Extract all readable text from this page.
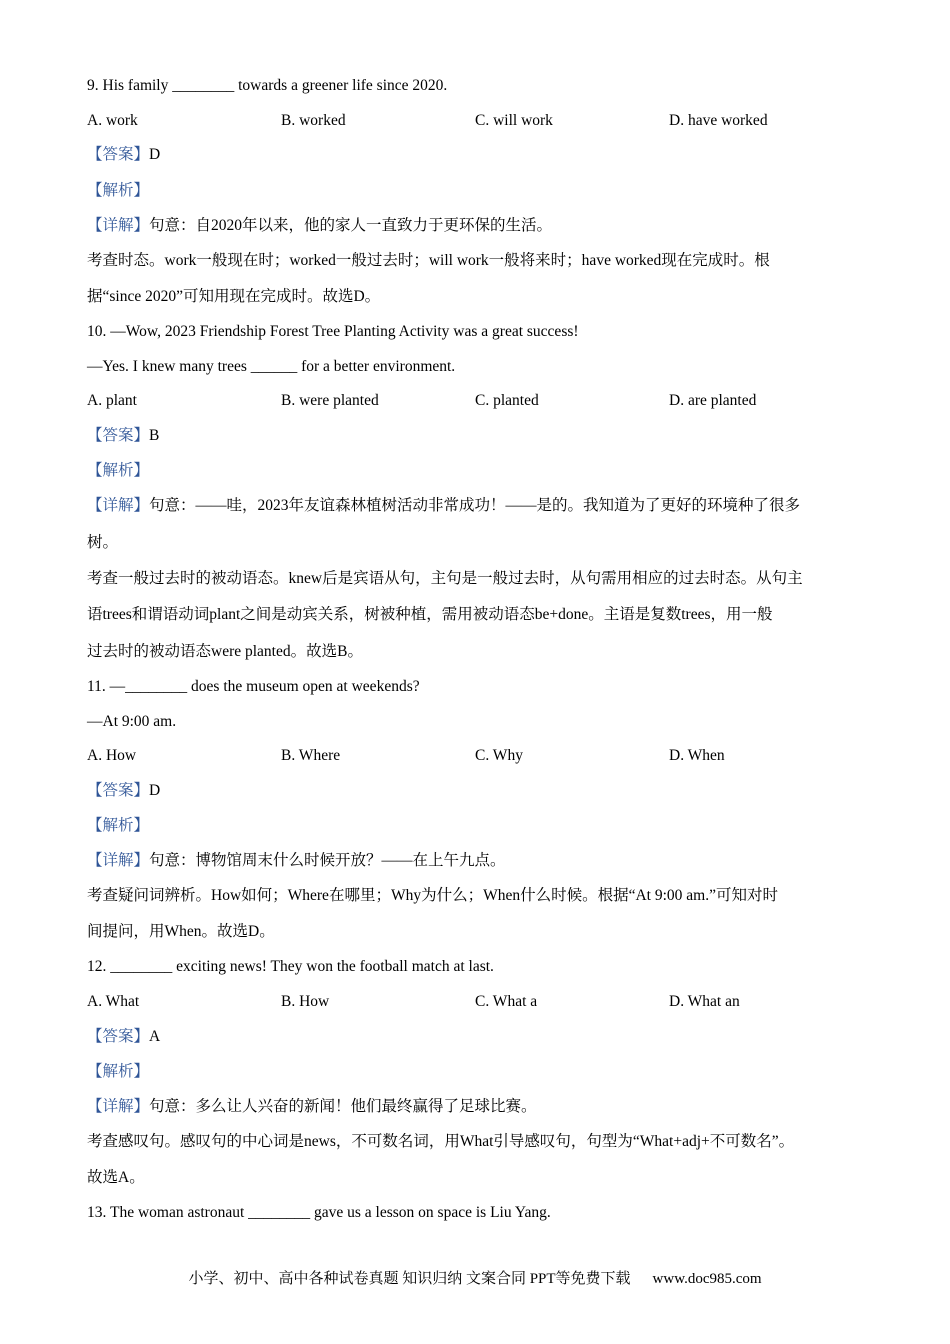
9. His family ________ towards a greener life since 2020.
A. work	B. worked	C. will work	D. have worked
【答案】D
【解析】
【详解】句意：自2020年以来，他的家人一直致力于更环保的生活。
考查时态。work一般现在时；worked一般过去时；will work一般将来时；have worked现在完成时。根
据“since 2020”可知用现在完成时。故选D。
10. —Wow, 2023 Friendship Forest Tree Planting Activity was a great success!
—Yes. I knew many trees ______ for a better environment.
A. plant	B. were planted	C. planted	D. are planted
【答案】B
【解析】
【详解】句意：——哇，2023年友谊森林植树活动非常成功！——是的。我知道为了更好的环境种了很多
树。
考查一般过去时的被动语态。knew后是宾语从句，主句是一般过去时，从句需用相应的过去时态。从句主
语trees和谓语动词plant之间是动宾关系，树被种植，需用被动语态be+done。主语是复数trees，用一般
过去时的被动语态were planted。故选B。
11. —________ does the museum open at weekends?
—At 9:00 am.
A. How	B. Where	C. Why	D. When
【答案】D
【解析】
【详解】句意：博物馆周末什么时候开放？——在上午九点。
考查疑问词辨析。How如何；Where在哪里；Why为什么；When什么时候。根据“At 9:00 am.”可知对时
间提问，用When。故选D。
12. ________ exciting news! They won the football match at last.
A. What	B. How	C. What a	D. What an
【答案】A
【解析】
【详解】句意：多么让人兴奋的新闻！他们最终赢得了足球比赛。
考查感叹句。感叹句的中心词是news，不可数名词，用What引导感叹句，句型为“What+adj+不可数名”。
故选A。
13. The woman astronaut ________ gave us a lesson on space is Liu Yang.
小学、初中、高中各种试卷真题 知识归纳 文案合同 PPT等免费下载 www.doc985.com
